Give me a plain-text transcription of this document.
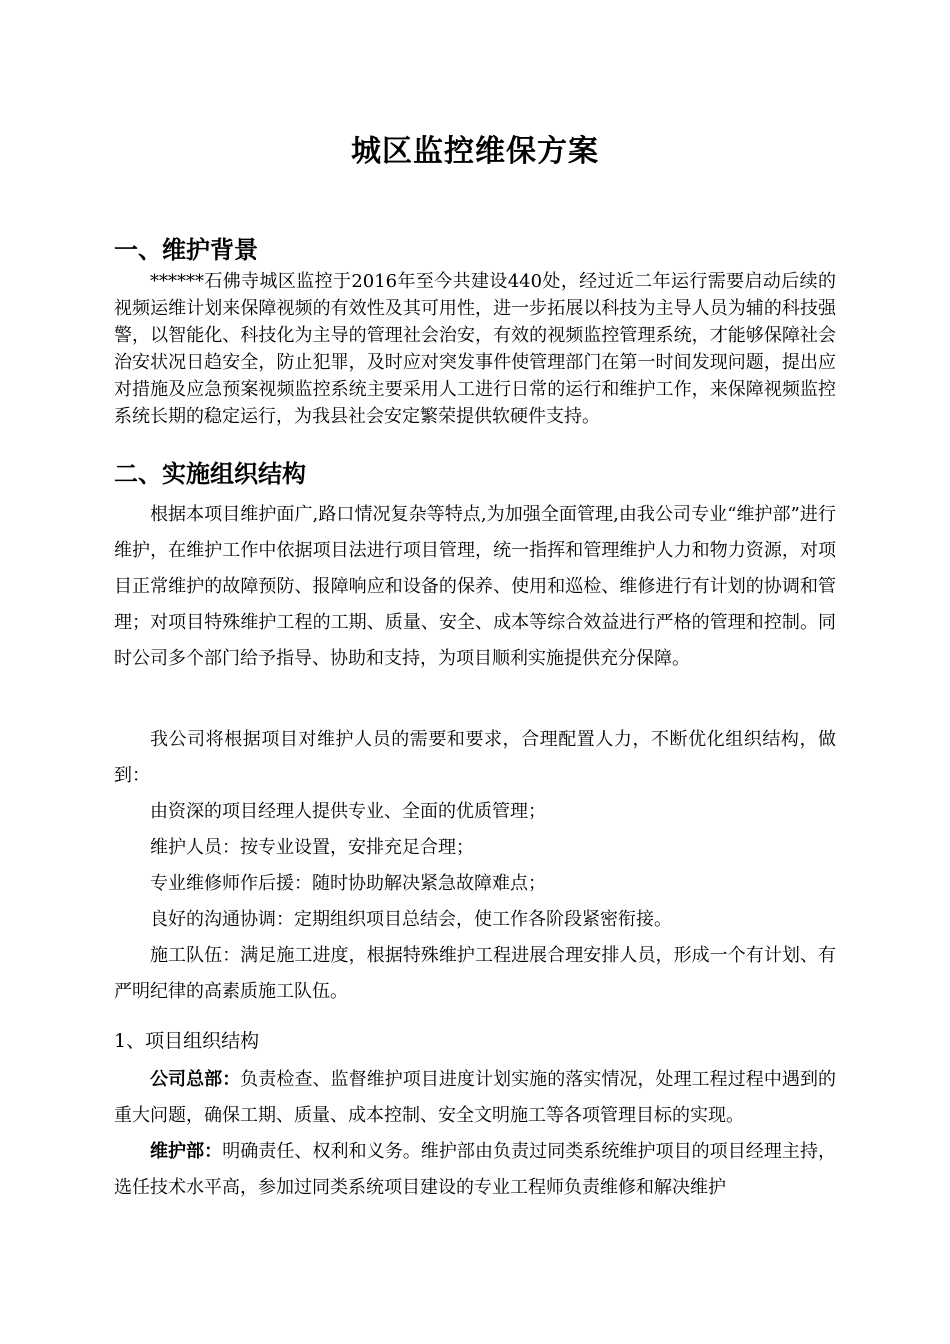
城区监控维保方案
一、维护背景

******石佛寺城区监控于2016年至今共建设440处，经过近二年运行需要启动后续的视频运维计划来保障视频的有效性及其可用性，进一步拓展以科技为主导人员为辅的科技强警，以智能化、科技化为主导的管理社会治安，有效的视频监控管理系统，才能够保障社会治安状况日趋安全，防止犯罪，及时应对突发事件使管理部门在第一时间发现问题，提出应对措施及应急预案视频监控系统主要采用人工进行日常的运行和维护工作，来保障视频监控系统长期的稳定运行，为我县社会安定繁荣提供软硬件支持。

二、实施组织结构

根据本项目维护面广,路口情况复杂等特点,为加强全面管理,由我公司专业“维护部”进行维护，在维护工作中依据项目法进行项目管理，统一指挥和管理维护人力和物力资源，对项目正常维护的故障预防、报障响应和设备的保养、使用和巡检、维修进行有计划的协调和管理；对项目特殊维护工程的工期、质量、安全、成本等综合效益进行严格的管理和控制。同时公司多个部门给予指导、协助和支持，为项目顺利实施提供充分保障。

我公司将根据项目对维护人员的需要和要求，合理配置人力，不断优化组织结构，做到：

由资深的项目经理人提供专业、全面的优质管理；

维护人员：按专业设置，安排充足合理；

专业维修师作后援：随时协助解决紧急故障难点；

良好的沟通协调：定期组织项目总结会，使工作各阶段紧密衔接。

施工队伍：满足施工进度，根据特殊维护工程进展合理安排人员，形成一个有计划、有严明纪律的高素质施工队伍。

1、项目组织结构

公司总部：负责检查、监督维护项目进度计划实施的落实情况，处理工程过程中遇到的重大问题，确保工期、质量、成本控制、安全文明施工等各项管理目标的实现。

维护部：明确责任、权利和义务。维护部由负责过同类系统维护项目的项目经理主持，选任技术水平高，参加过同类系统项目建设的专业工程师负责维修和解决维护
